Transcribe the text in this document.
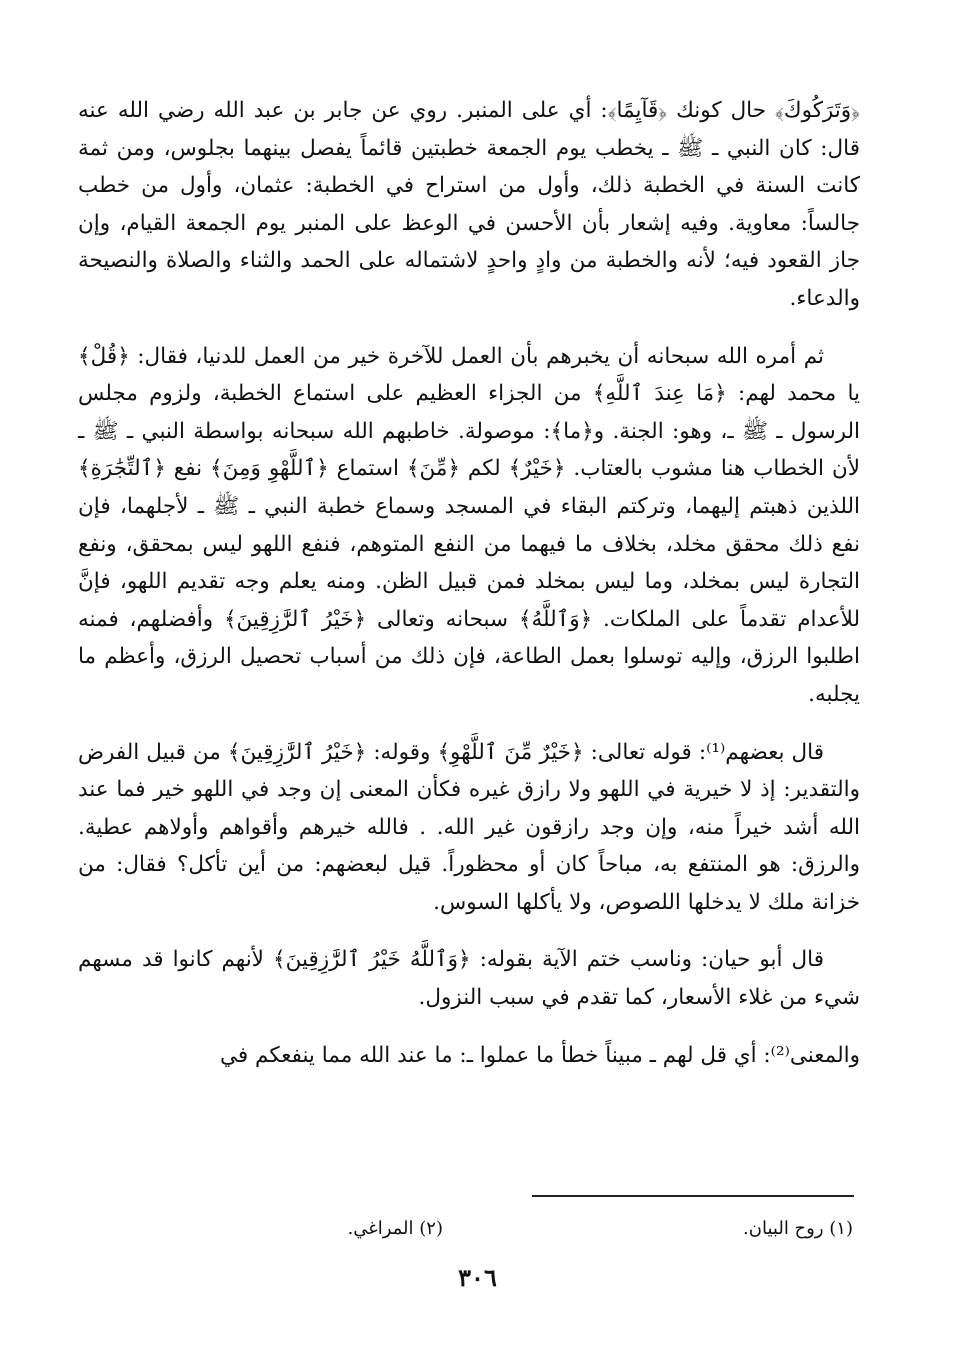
﴿وَتَرَكُوكَ﴾ حال كونك ﴿قَآيِمًا﴾: أي على المنبر. روي عن جابر بن عبد الله رضي الله عنه قال: كان النبي ـ ﷺ ـ يخطب يوم الجمعة خطبتين قائماً يفصل بينهما بجلوس، ومن ثمة كانت السنة في الخطبة ذلك، وأول من استراح في الخطبة: عثمان، وأول من خطب جالساً: معاوية. وفيه إشعار بأن الأحسن في الوعظ على المنبر يوم الجمعة القيام، وإن جاز القعود فيه؛ لأنه والخطبة من وادٍ واحدٍ لاشتماله على الحمد والثناء والصلاة والنصيحة والدعاء.

ثم أمره الله سبحانه أن يخبرهم بأن العمل للآخرة خير من العمل للدنيا، فقال: ﴿قُلْ﴾ يا محمد لهم: ﴿مَا عِندَ ٱللَّهِ﴾ من الجزاء العظيم على استماع الخطبة، ولزوم مجلس الرسول ـ ﷺ ـ، وهو: الجنة. و﴿ما﴾: موصولة. خاطبهم الله سبحانه بواسطة النبي ـ ﷺ ـ لأن الخطاب هنا مشوب بالعتاب. ﴿خَيْرٌ﴾ لكم ﴿مِّنَ﴾ استماع ﴿ٱللَّهْوِ وَمِنَ﴾ نفع ﴿ٱلتِّجَٰرَةِ﴾ اللذين ذهبتم إليهما، وتركتم البقاء في المسجد وسماع خطبة النبي ـ ﷺ ـ لأجلهما، فإن نفع ذلك محقق مخلد، بخلاف ما فيهما من النفع المتوهم، فنفع اللهو ليس بمحقق، ونفع التجارة ليس بمخلد، وما ليس بمخلد فمن قبيل الظن. ومنه يعلم وجه تقديم اللهو، فإنَّ للأعدام تقدماً على الملكات. ﴿وَٱللَّهُ﴾ سبحانه وتعالى ﴿خَيْرُ ٱلرَّٰزِقِينَ﴾ وأفضلهم، فمنه اطلبوا الرزق، وإليه توسلوا بعمل الطاعة، فإن ذلك من أسباب تحصيل الرزق، وأعظم ما يجلبه.

قال بعضهم⁽¹⁾: قوله تعالى: ﴿خَيْرٌ مِّنَ ٱللَّهْوِ﴾ وقوله: ﴿خَيْرُ ٱلرَّٰزِقِينَ﴾ من قبيل الفرض والتقدير: إذ لا خيرية في اللهو ولا رازق غيره فكأن المعنى إن وجد في اللهو خير فما عند الله أشد خيراً منه، وإن وجد رازقون غير الله. . فالله خيرهم وأقواهم وأولاهم عطية. والرزق: هو المنتفع به، مباحاً كان أو محظوراً. قيل لبعضهم: من أين تأكل؟ فقال: من خزانة ملك لا يدخلها اللصوص، ولا يأكلها السوس.

قال أبو حيان: وناسب ختم الآية بقوله: ﴿وَٱللَّهُ خَيْرُ ٱلرَّٰزِقِينَ﴾ لأنهم كانوا قد مسهم شيء من غلاء الأسعار، كما تقدم في سبب النزول.

والمعنى⁽²⁾: أي قل لهم ـ مبيناً خطأ ما عملوا ـ: ما عند الله مما ينفعكم في

(١) روح البيان.
(٢) المراغي.
٣٠٦
